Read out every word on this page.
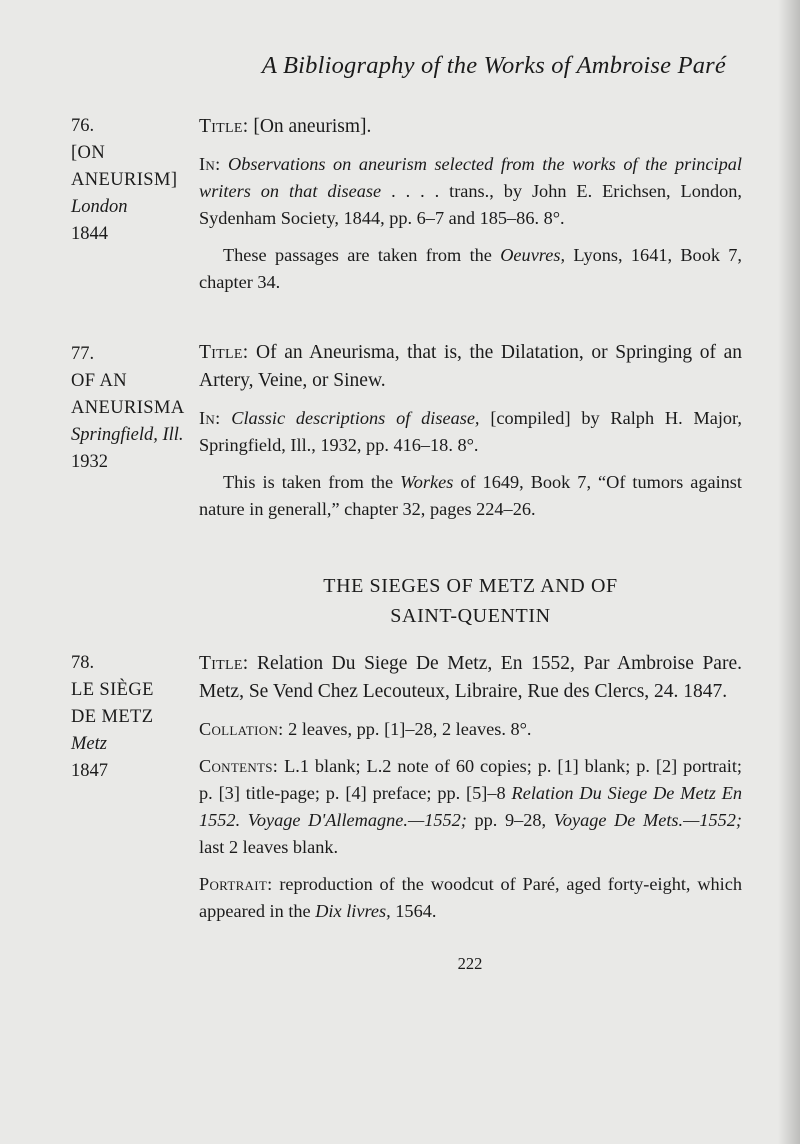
A Bibliography of the Works of Ambroise Paré
76.
[ON
ANEURISM]
London
1844

Title: [On aneurism].

In: Observations on aneurism selected from the works of the principal writers on that disease . . . . trans., by John E. Erichsen, London, Sydenham Society, 1844, pp. 6–7 and 185–86. 8°.

These passages are taken from the Oeuvres, Lyons, 1641, Book 7, chapter 34.

77.
OF AN
ANEURISMA
Springfield, Ill.
1932

Title: Of an Aneurisma, that is, the Dilatation, or Springing of an Artery, Veine, or Sinew.

In: Classic descriptions of disease, [compiled] by Ralph H. Major, Springfield, Ill., 1932, pp. 416–18. 8°.

This is taken from the Workes of 1649, Book 7, “Of tumors against nature in generall,” chapter 32, pages 224–26.

THE SIEGES OF METZ AND OF
SAINT-QUENTIN
78.
LE SIÈGE
DE METZ
Metz
1847

Title: Relation Du Siege De Metz, En 1552, Par Ambroise Pare. Metz, Se Vend Chez Lecouteux, Libraire, Rue des Clercs, 24. 1847.

Collation: 2 leaves, pp. [1]–28, 2 leaves. 8°.

Contents: L.1 blank; L.2 note of 60 copies; p. [1] blank; p. [2] portrait; p. [3] title-page; p. [4] preface; pp. [5]–8 Relation Du Siege De Metz En 1552. Voyage D'Allemagne.—1552; pp. 9–28, Voyage De Mets.—1552; last 2 leaves blank.

Portrait: reproduction of the woodcut of Paré, aged forty-eight, which appeared in the Dix livres, 1564.

222
